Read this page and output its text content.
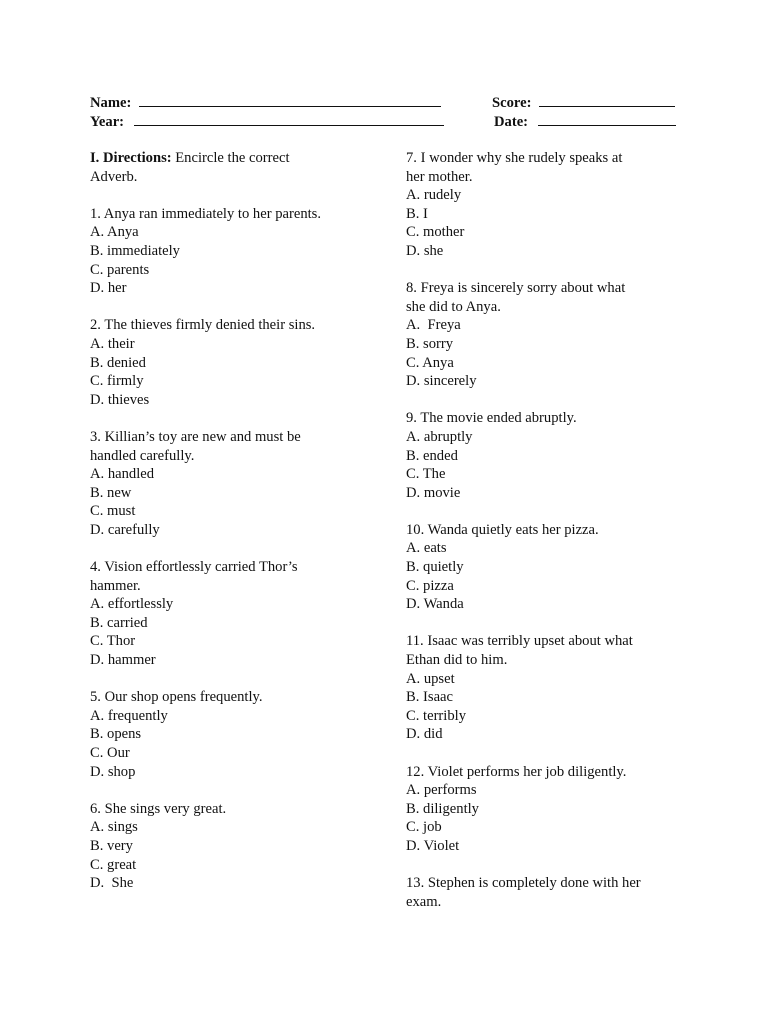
Name:
Year:
Score:
Date:

I. Directions: Encircle the correct

Adverb.

1. Anya ran immediately to her parents.

A. Anya

B. immediately

C. parents

D. her

2. The thieves firmly denied their sins.

A. their

B. denied

C. firmly

D. thieves

3. Killian’s toy are new and must be

handled carefully.

A. handled

B. new

C. must

D. carefully

4. Vision effortlessly carried Thor’s

hammer.

A. effortlessly

B. carried

C. Thor

D. hammer

5. Our shop opens frequently.

A. frequently

B. opens

C. Our

D. shop

6. She sings very great.

A. sings

B. very

C. great

D.  She

7. I wonder why she rudely speaks at

her mother.

A. rudely

B. I

C. mother

D. she

8. Freya is sincerely sorry about what

she did to Anya.

A.  Freya

B. sorry

C. Anya

D. sincerely

9. The movie ended abruptly.

A. abruptly

B. ended

C. The

D. movie

10. Wanda quietly eats her pizza.

A. eats

B. quietly

C. pizza

D. Wanda

11. Isaac was terribly upset about what

Ethan did to him.

A. upset

B. Isaac

C. terribly

D. did

12. Violet performs her job diligently.

A. performs

B. diligently

C. job

D. Violet

13. Stephen is completely done with her

exam.
